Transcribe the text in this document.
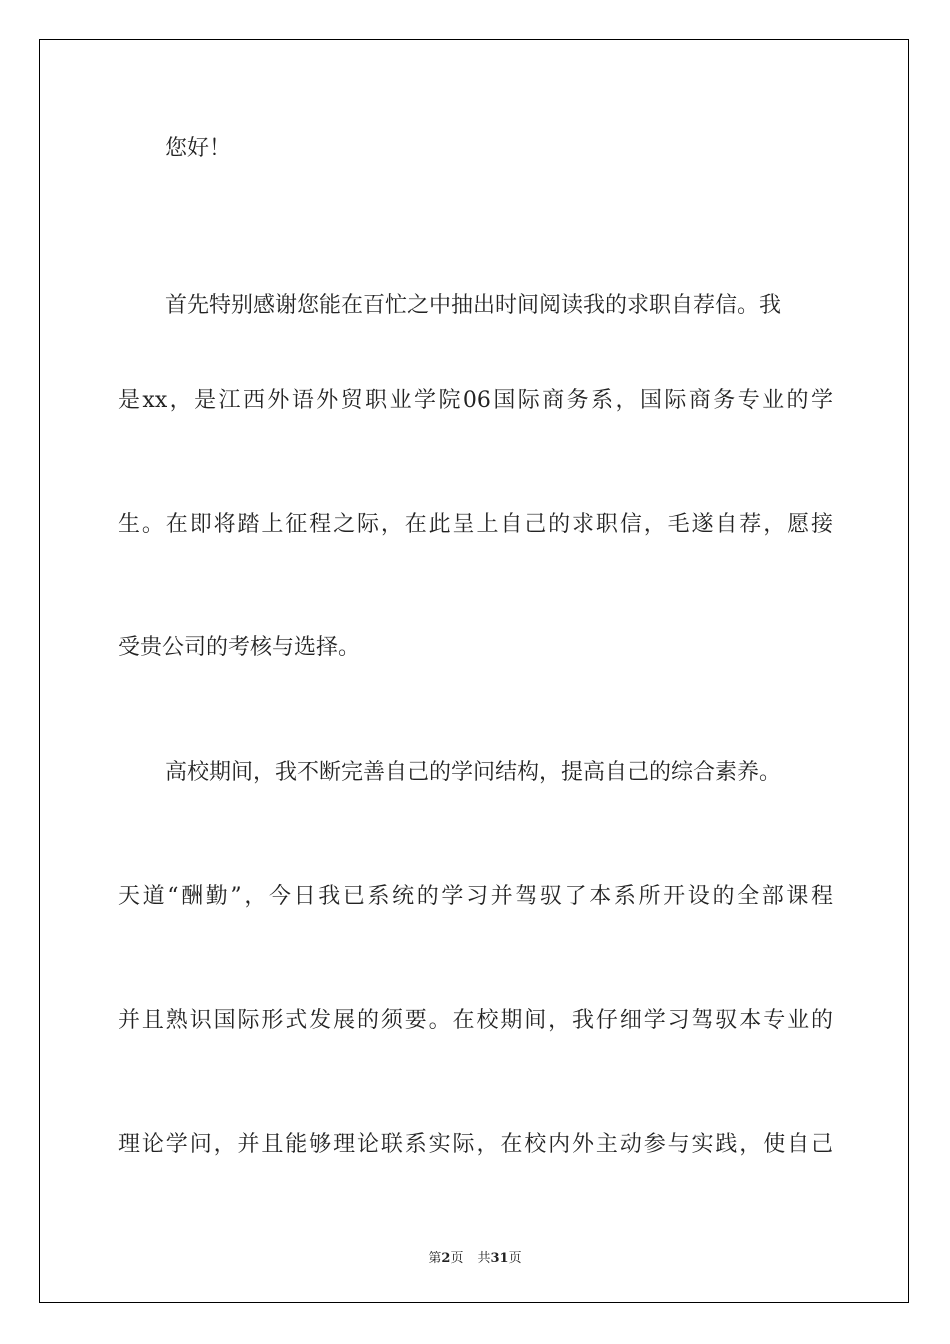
您好！
首先特别感谢您能在百忙之中抽出时间阅读我的求职自荐信。我
是xx，是江西外语外贸职业学院06国际商务系，国际商务专业的学
生。在即将踏上征程之际，在此呈上自己的求职信，毛遂自荐，愿接
受贵公司的考核与选择。
高校期间，我不断完善自己的学问结构，提高自己的综合素养。
天道“酬勤”，今日我已系统的学习并驾驭了本系所开设的全部课程
并且熟识国际形式发展的须要。在校期间，我仔细学习驾驭本专业的
理论学问，并且能够理论联系实际，在校内外主动参与实践，使自己
第2页 共31页
